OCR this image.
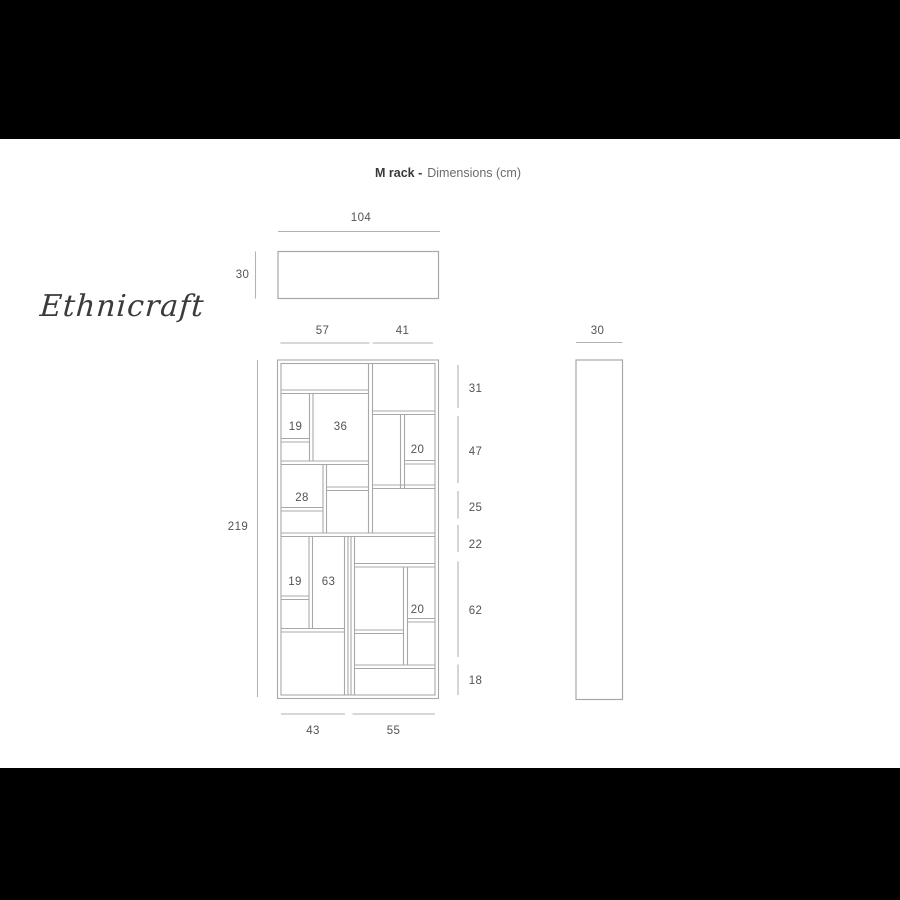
Ethnicraft
M rack - Dimensions (cm)
104
30
57	41
219
31
47
25
22
62
18
19	36
20
28
19 63
20
43	55
30
